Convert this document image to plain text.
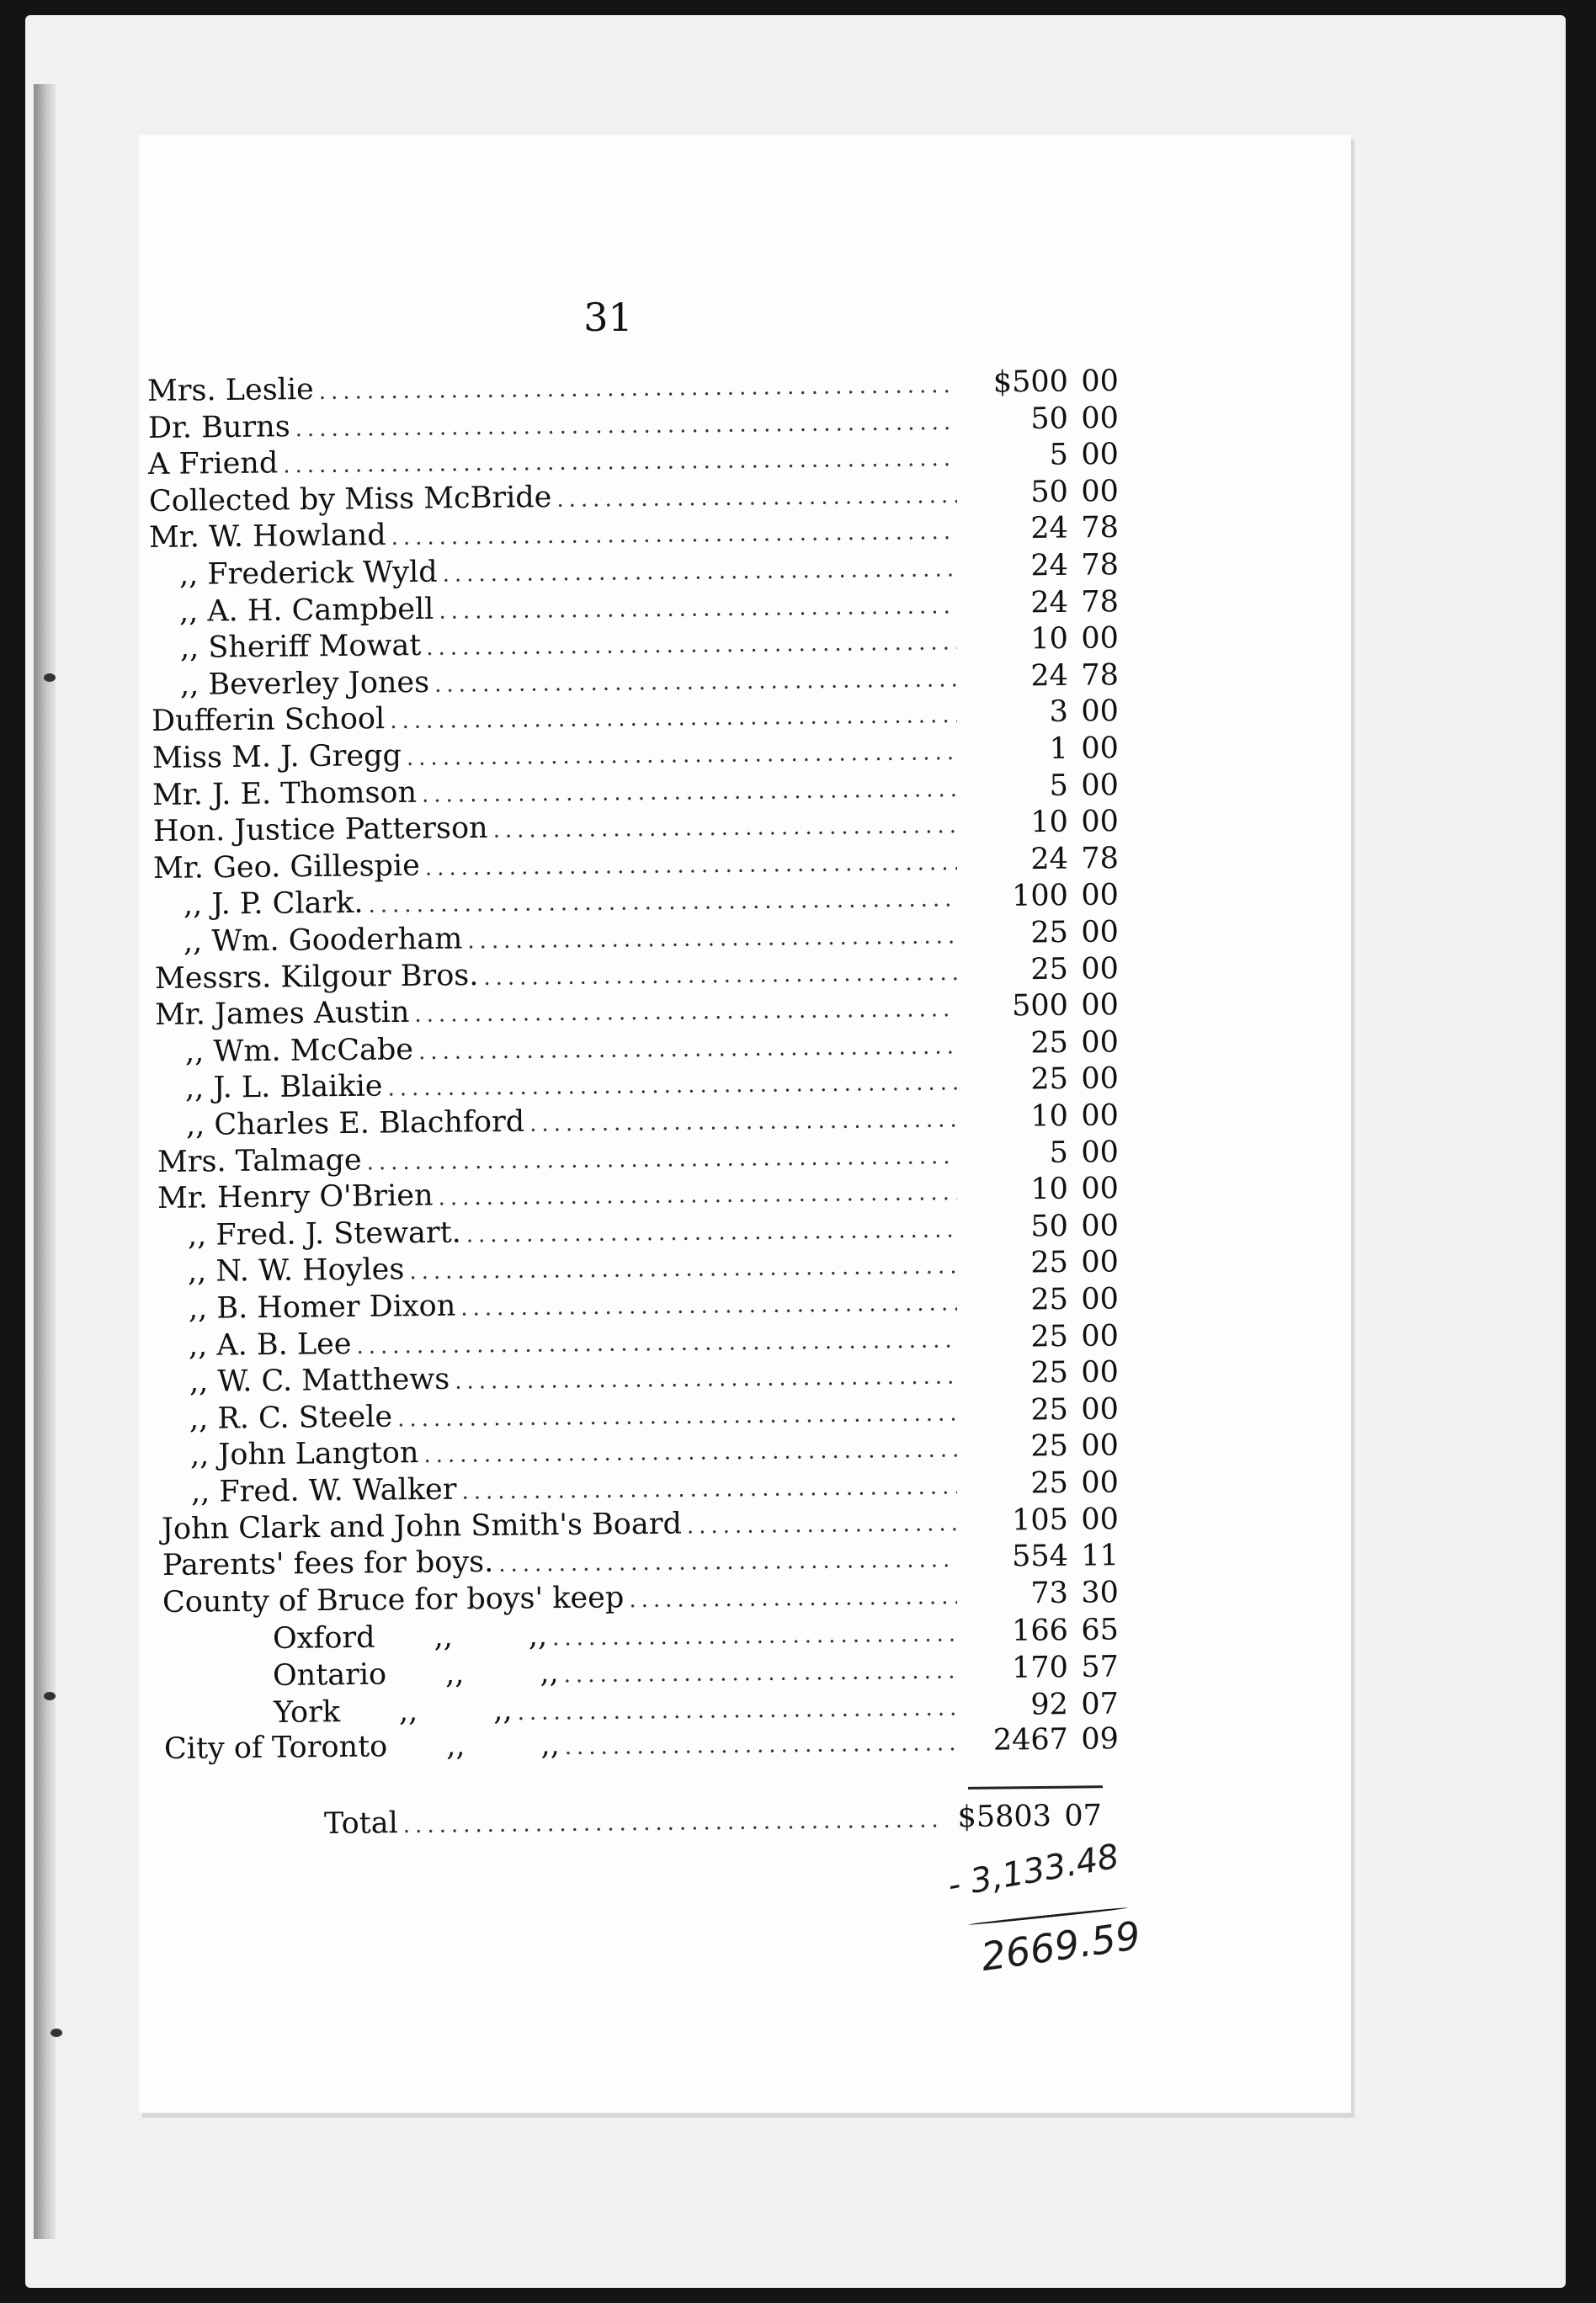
31
Mrs. Leslie .....	$500 00
Dr. Burns .....	50 00
A Friend .....	5 00
Collected by Miss McBride .....	50 00
Mr. W. Howland .....	24 78
,, Frederick Wyld .....	24 78
,, A. H. Campbell .....	24 78
,, Sheriff Mowat .....	10 00
,, Beverley Jones .....	24 78
Dufferin School .....	3 00
Miss M. J. Gregg .....	1 00
Mr. J. E. Thomson .....	5 00
Hon. Justice Patterson .....	10 00
Mr. Geo. Gillespie .....	24 78
,, J. P. Clark. .....	100 00
,, Wm. Gooderham .....	25 00
Messrs. Kilgour Bros. .....	25 00
Mr. James Austin .....	500 00
,, Wm. McCabe .....	25 00
,, J. L. Blaikie .....	25 00
,, Charles E. Blachford .....	10 00
Mrs. Talmage .....	5 00
Mr. Henry O'Brien .....	10 00
,, Fred. J. Stewart. .....	50 00
,, N. W. Hoyles .....	25 00
,, B. Homer Dixon .....	25 00
,, A. B. Lee .....	25 00
,, W. C. Matthews .....	25 00
,, R. C. Steele .....	25 00
,, John Langton .....	25 00
,, Fred. W. Walker .....	25 00
John Clark and John Smith's Board .....	105 00
Parents' fees for boys. .....	554 11
County of Bruce for boys' keep .....	73 30
Oxford ,,	,, .....	166 65
Ontario ,,	,, .....	170 57
York ,,	,, .....	92 07
City of Toronto ,,	,, .....	2467 09
Total .....	$5803 07
- 3,133.48
2669.59
